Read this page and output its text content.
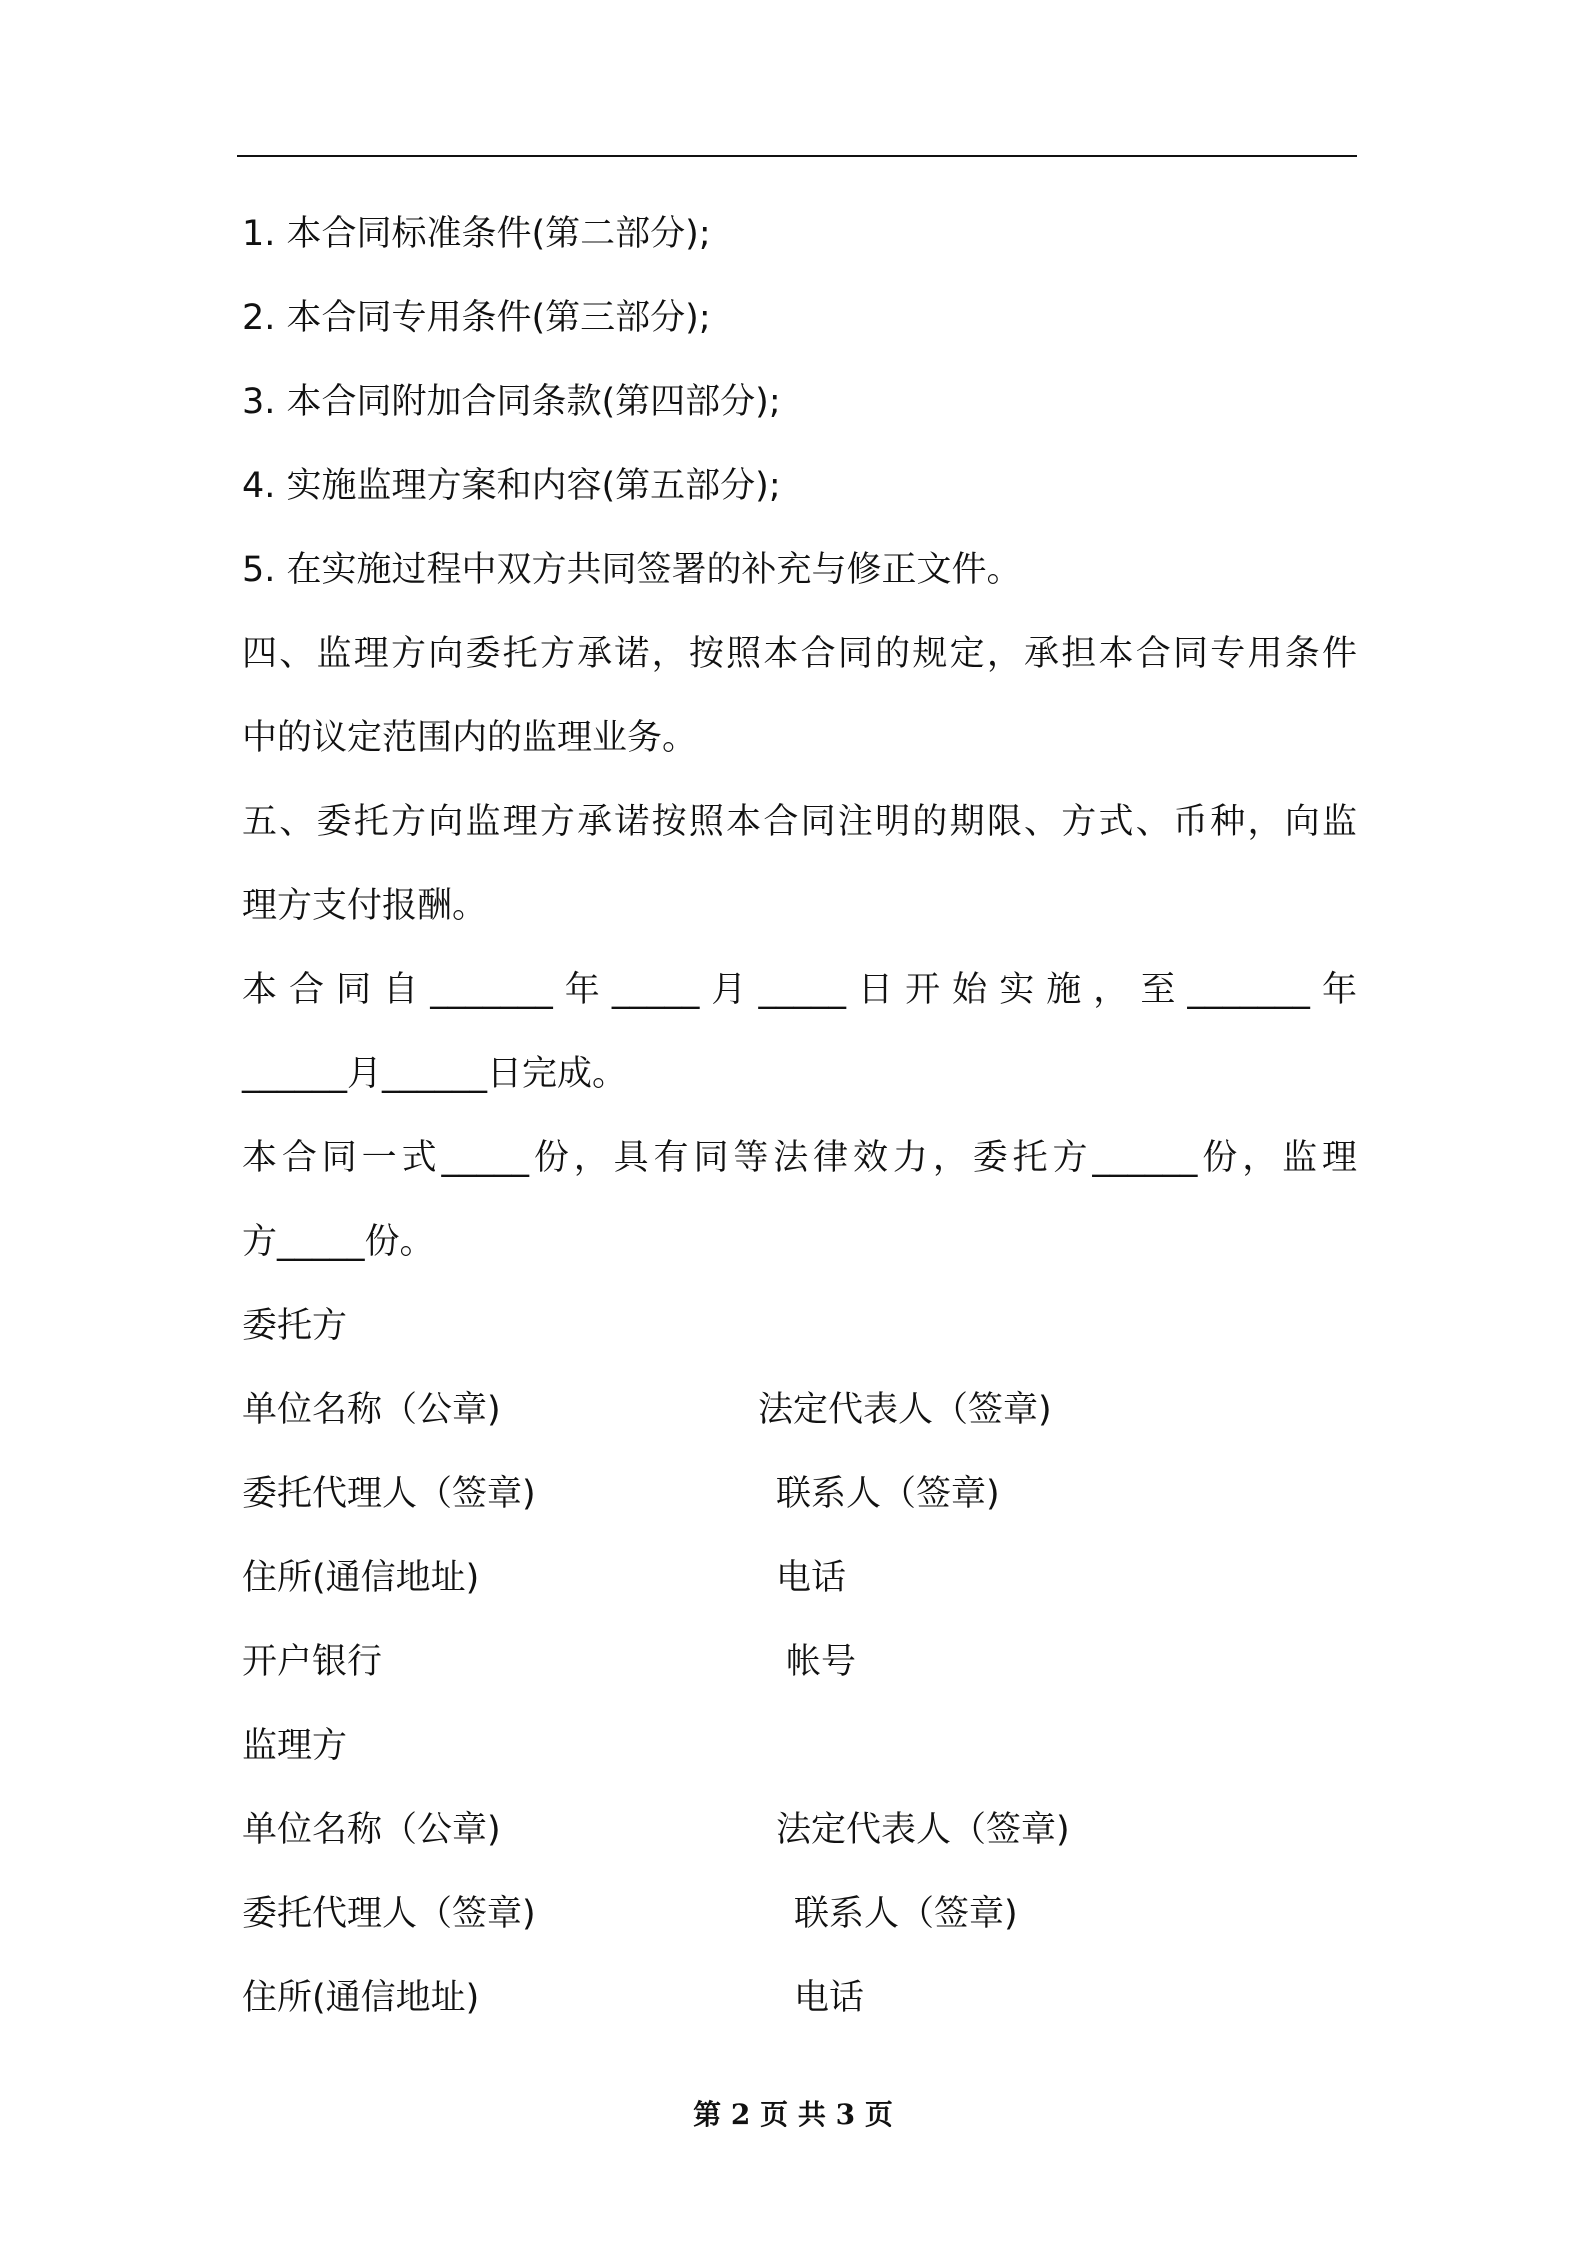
1. 本合同标准条件(第二部分);
2. 本合同专用条件(第三部分);
3. 本合同附加合同条款(第四部分);
4. 实施监理方案和内容(第五部分);
5. 在实施过程中双方共同签署的补充与修正文件。
四、监理方向委托方承诺，按照本合同的规定，承担本合同专用条件
中的议定范围内的监理业务。
五、委托方向监理方承诺按照本合同注明的期限、方式、币种，向监
理方支付报酬。
本合同自_______年_____月_____日开始实施，至_______年
______月______日完成。
本合同一式_____份，具有同等法律效力，委托方______份，监理
方_____份。
委托方
单位名称（公章)	法定代表人（签章)
委托代理人（签章)	联系人（签章)
住所(通信地址)	电话
开户银行	帐号
监理方
单位名称（公章)	法定代表人（签章)
委托代理人（签章)	联系人（签章)
住所(通信地址)	电话
第 2 页 共 3 页
